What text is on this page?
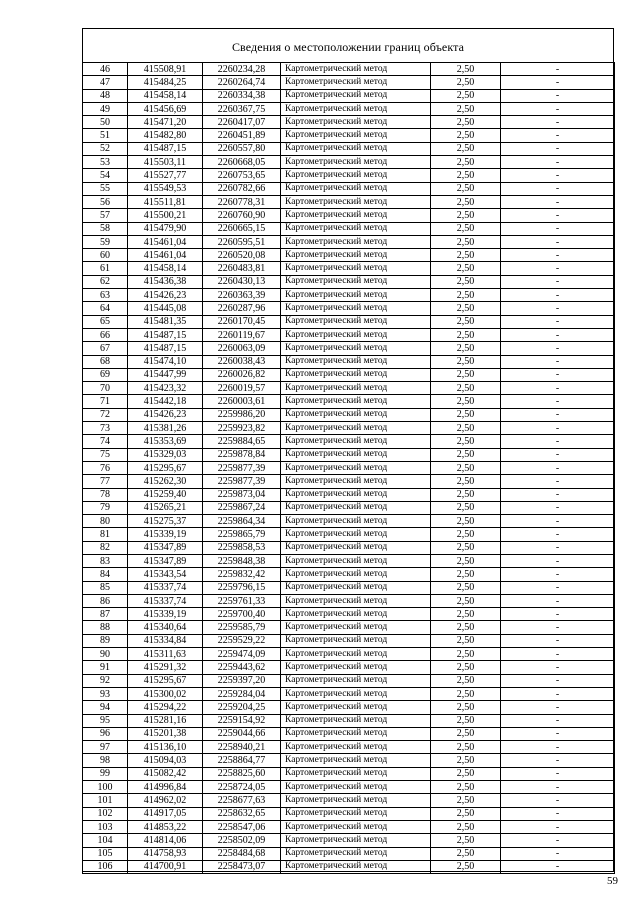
Сведения о местоположении границ объекта
46	415508,91	2260234,28	Картометрический метод	2,50	-
47	415484,25	2260264,74	Картометрический метод	2,50	-
48	415458,14	2260334,38	Картометрический метод	2,50	-
49	415456,69	2260367,75	Картометрический метод	2,50	-
50	415471,20	2260417,07	Картометрический метод	2,50	-
51	415482,80	2260451,89	Картометрический метод	2,50	-
52	415487,15	2260557,80	Картометрический метод	2,50	-
53	415503,11	2260668,05	Картометрический метод	2,50	-
54	415527,77	2260753,65	Картометрический метод	2,50	-
55	415549,53	2260782,66	Картометрический метод	2,50	-
56	415511,81	2260778,31	Картометрический метод	2,50	-
57	415500,21	2260760,90	Картометрический метод	2,50	-
58	415479,90	2260665,15	Картометрический метод	2,50	-
59	415461,04	2260595,51	Картометрический метод	2,50	-
60	415461,04	2260520,08	Картометрический метод	2,50	-
61	415458,14	2260483,81	Картометрический метод	2,50	-
62	415436,38	2260430,13	Картометрический метод	2,50	-
63	415426,23	2260363,39	Картометрический метод	2,50	-
64	415445,08	2260287,96	Картометрический метод	2,50	-
65	415481,35	2260170,45	Картометрический метод	2,50	-
66	415487,15	2260119,67	Картометрический метод	2,50	-
67	415487,15	2260063,09	Картометрический метод	2,50	-
68	415474,10	2260038,43	Картометрический метод	2,50	-
69	415447,99	2260026,82	Картометрический метод	2,50	-
70	415423,32	2260019,57	Картометрический метод	2,50	-
71	415442,18	2260003,61	Картометрический метод	2,50	-
72	415426,23	2259986,20	Картометрический метод	2,50	-
73	415381,26	2259923,82	Картометрический метод	2,50	-
74	415353,69	2259884,65	Картометрический метод	2,50	-
75	415329,03	2259878,84	Картометрический метод	2,50	-
76	415295,67	2259877,39	Картометрический метод	2,50	-
77	415262,30	2259877,39	Картометрический метод	2,50	-
78	415259,40	2259873,04	Картометрический метод	2,50	-
79	415265,21	2259867,24	Картометрический метод	2,50	-
80	415275,37	2259864,34	Картометрический метод	2,50	-
81	415339,19	2259865,79	Картометрический метод	2,50	-
82	415347,89	2259858,53	Картометрический метод	2,50	-
83	415347,89	2259848,38	Картометрический метод	2,50	-
84	415343,54	2259832,42	Картометрический метод	2,50	-
85	415337,74	2259796,15	Картометрический метод	2,50	-
86	415337,74	2259761,33	Картометрический метод	2,50	-
87	415339,19	2259700,40	Картометрический метод	2,50	-
88	415340,64	2259585,79	Картометрический метод	2,50	-
89	415334,84	2259529,22	Картометрический метод	2,50	-
90	415311,63	2259474,09	Картометрический метод	2,50	-
91	415291,32	2259443,62	Картометрический метод	2,50	-
92	415295,67	2259397,20	Картометрический метод	2,50	-
93	415300,02	2259284,04	Картометрический метод	2,50	-
94	415294,22	2259204,25	Картометрический метод	2,50	-
95	415281,16	2259154,92	Картометрический метод	2,50	-
96	415201,38	2259044,66	Картометрический метод	2,50	-
97	415136,10	2258940,21	Картометрический метод	2,50	-
98	415094,03	2258864,77	Картометрический метод	2,50	-
99	415082,42	2258825,60	Картометрический метод	2,50	-
100	414996,84	2258724,05	Картометрический метод	2,50	-
101	414962,02	2258677,63	Картометрический метод	2,50	-
102	414917,05	2258632,65	Картометрический метод	2,50	-
103	414853,22	2258547,06	Картометрический метод	2,50	-
104	414814,06	2258502,09	Картометрический метод	2,50	-
105	414758,93	2258484,68	Картометрический метод	2,50	-
106	414700,91	2258473,07	Картометрический метод	2,50	-
59
